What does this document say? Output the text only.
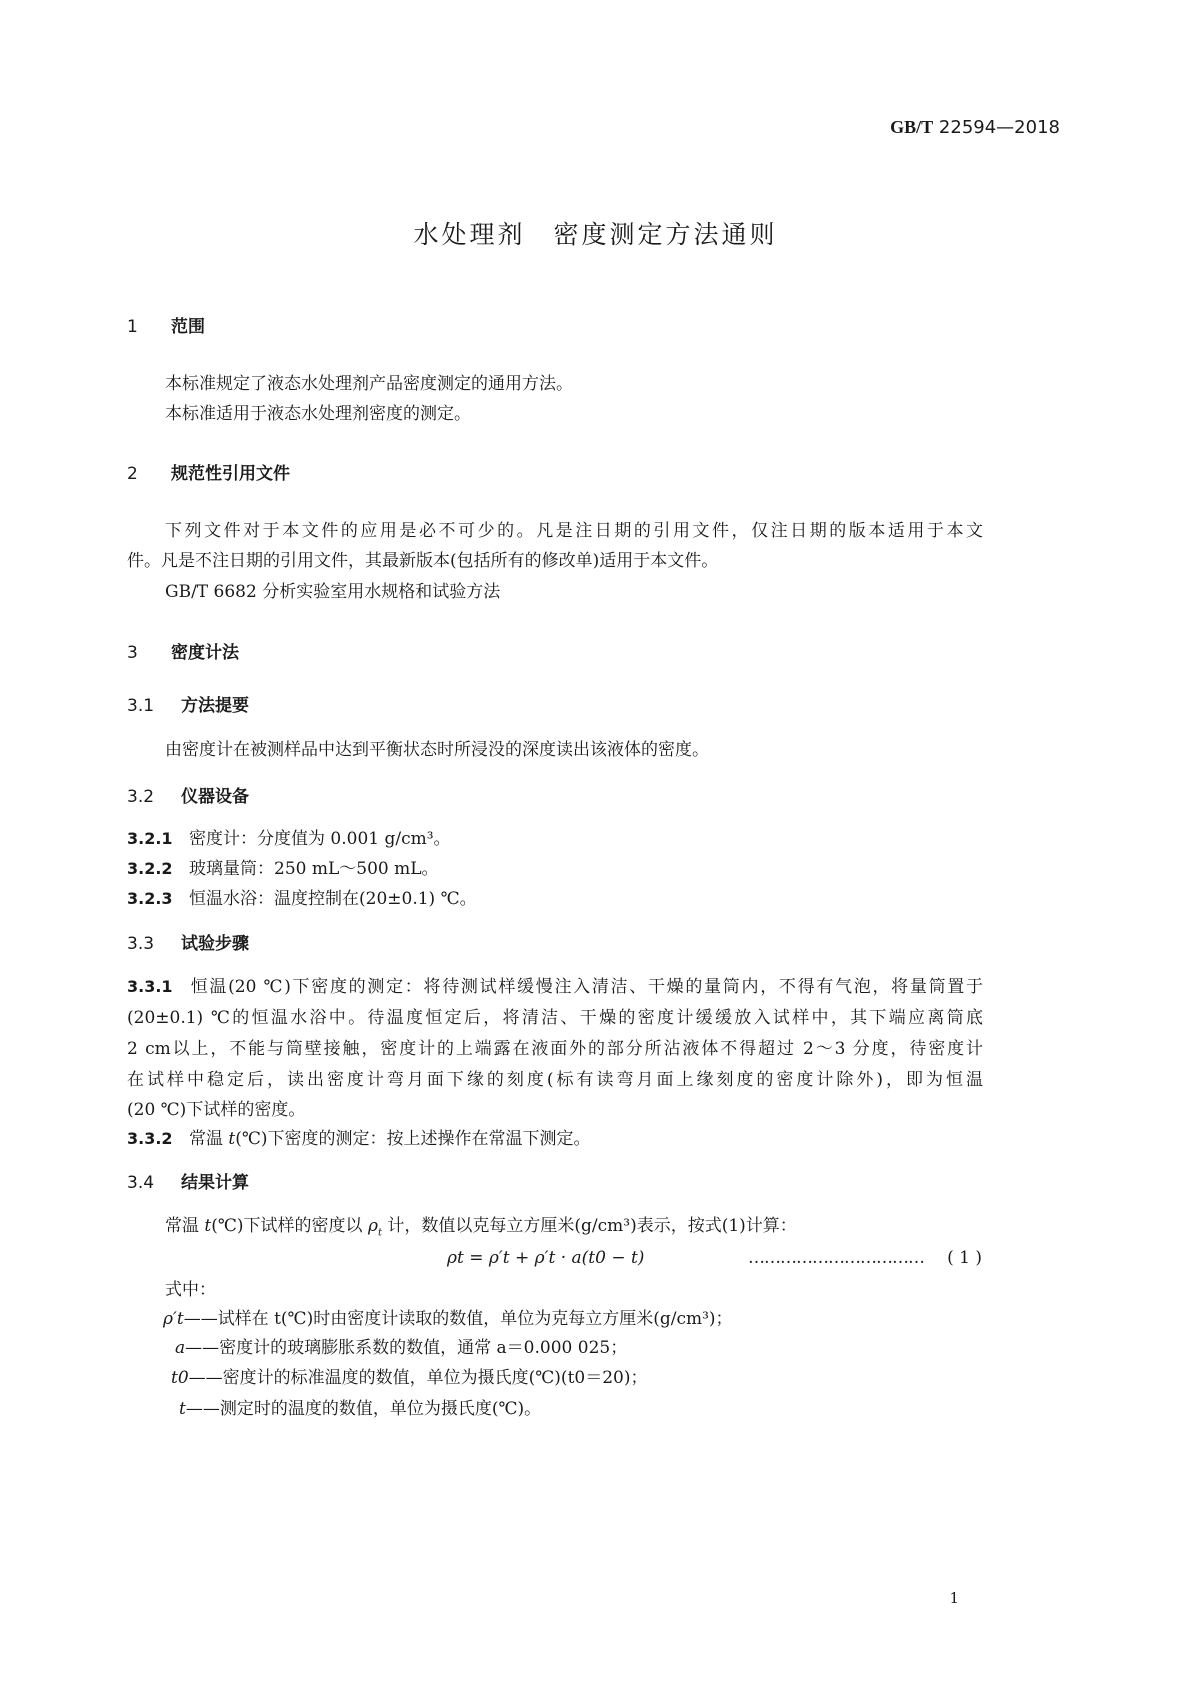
GB/T 22594—2018
水处理剂　密度测定方法通则
1 范围
本标准规定了液态水处理剂产品密度测定的通用方法。
本标准适用于液态水处理剂密度的测定。
2 规范性引用文件
下列文件对于本文件的应用是必不可少的。凡是注日期的引用文件，仅注日期的版本适用于本文
件。凡是不注日期的引用文件，其最新版本(包括所有的修改单)适用于本文件。
GB/T 6682 分析实验室用水规格和试验方法
3 密度计法
3.1 方法提要
由密度计在被测样品中达到平衡状态时所浸没的深度读出该液体的密度。
3.2 仪器设备
3.2.1 密度计：分度值为 0.001 g/cm³。
3.2.2 玻璃量筒：250 mL～500 mL。
3.2.3 恒温水浴：温度控制在(20±0.1) ℃。
3.3 试验步骤
3.3.1 恒温(20 ℃)下密度的测定：将待测试样缓慢注入清洁、干燥的量筒内，不得有气泡，将量筒置于
(20±0.1) ℃的恒温水浴中。待温度恒定后，将清洁、干燥的密度计缓缓放入试样中，其下端应离筒底
2 cm以上，不能与筒壁接触，密度计的上端露在液面外的部分所沾液体不得超过 2～3 分度，待密度计
在试样中稳定后，读出密度计弯月面下缘的刻度(标有读弯月面上缘刻度的密度计除外)，即为恒温
(20 ℃)下试样的密度。
3.3.2 常温 t(℃)下密度的测定：按上述操作在常温下测定。
3.4 结果计算
常温 t(℃)下试样的密度以 $\rho_t$ 计，数值以克每立方厘米(g/cm³)表示，按式(1)计算：
ρt = ρ′t + ρ′t · a(t0 − t)	…………………………… ( 1 )
式中：
ρ′t——试样在 t(℃)时由密度计读取的数值，单位为克每立方厘米(g/cm³)；
a——密度计的玻璃膨胀系数的数值，通常 a＝0.000 025；
t0——密度计的标准温度的数值，单位为摄氏度(℃)(t0＝20)；
t——测定时的温度的数值，单位为摄氏度(℃)。
1
